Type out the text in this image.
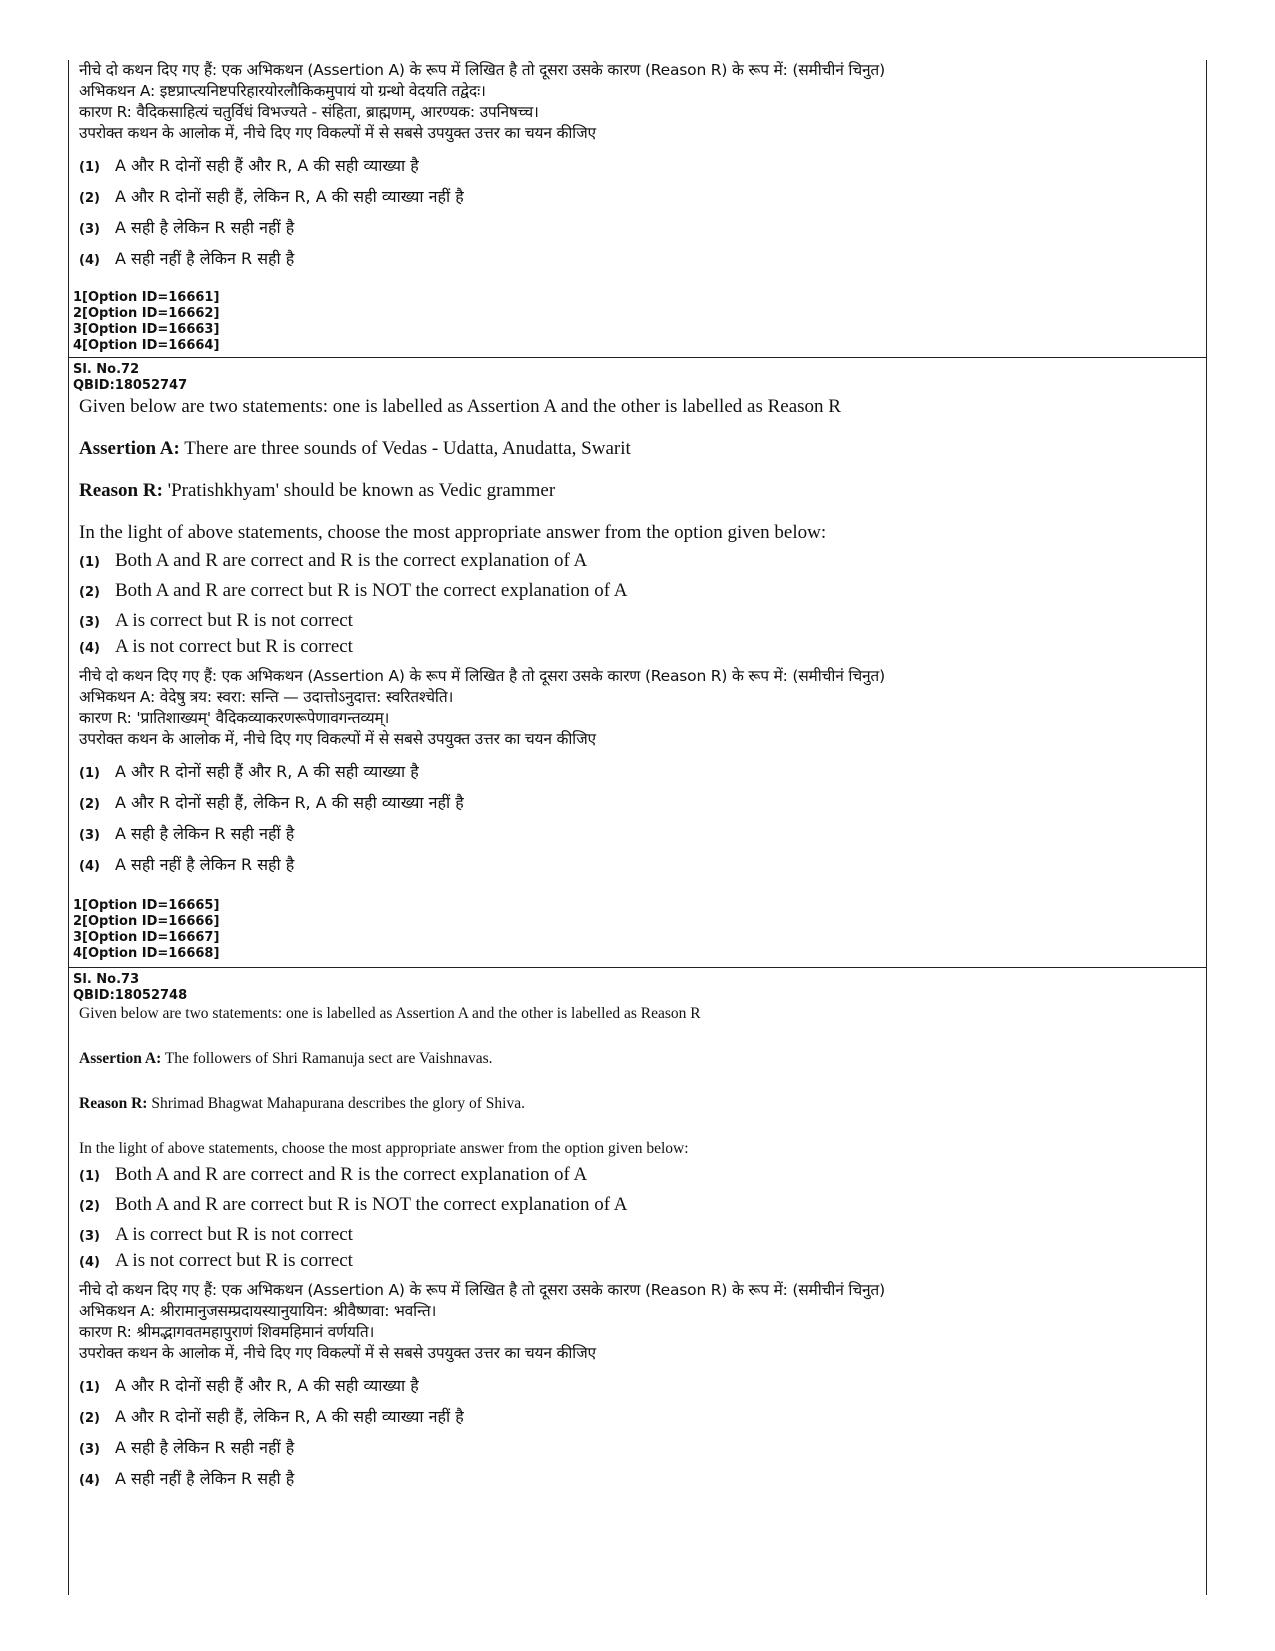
नीचे दो कथन दिए गए हैं: एक अभिकथन (Assertion A) के रूप में लिखित है तो दूसरा उसके कारण (Reason R) के रूप में: (समीचीनं चिनुत)
अभिकथन A: इष्टप्राप्त्यनिष्टपरिहारयोरलौकिकमुपायं यो ग्रन्थो वेदयति तद्वेदः।
कारण R: वैदिकसाहित्यं चतुर्विधं विभज्यते - संहिता, ब्राह्मणम्, आरण्यक: उपनिषच्च।
उपरोक्त कथन के आलोक में, नीचे दिए गए विकल्पों में से सबसे उपयुक्त उत्तर का चयन कीजिए
(1) A और R दोनों सही हैं और R, A की सही व्याख्या है
(2) A और R दोनों सही हैं, लेकिन R, A की सही व्याख्या नहीं है
(3) A सही है लेकिन R सही नहीं है
(4) A सही नहीं है लेकिन R सही है
1[Option ID=16661]
2[Option ID=16662]
3[Option ID=16663]
4[Option ID=16664]
Sl. No.72
QBID:18052747
Given below are two statements: one is labelled as Assertion A and the other is labelled as Reason R
Assertion A: There are three sounds of Vedas - Udatta, Anudatta, Swarit
Reason R: 'Pratishkhyam' should be known as Vedic grammer
In the light of above statements, choose the most appropriate answer from the option given below:
(1) Both A and R are correct and R is the correct explanation of A
(2) Both A and R are correct but R is NOT the correct explanation of A
(3) A is correct but R is not correct
(4) A is not correct but R is correct
नीचे दो कथन दिए गए हैं: एक अभिकथन (Assertion A) के रूप में लिखित है तो दूसरा उसके कारण (Reason R) के रूप में: (समीचीनं चिनुत)
अभिकथन A: वेदेषु त्रय: स्वरा: सन्ति — उदात्तोऽनुदात्त: स्वरितश्चेति।
कारण R: 'प्रातिशाख्यम्' वैदिकव्याकरणरूपेणावगन्तव्यम्।
उपरोक्त कथन के आलोक में, नीचे दिए गए विकल्पों में से सबसे उपयुक्त उत्तर का चयन कीजिए
(1) A और R दोनों सही हैं और R, A की सही व्याख्या है
(2) A और R दोनों सही हैं, लेकिन R, A की सही व्याख्या नहीं है
(3) A सही है लेकिन R सही नहीं है
(4) A सही नहीं है लेकिन R सही है
1[Option ID=16665]
2[Option ID=16666]
3[Option ID=16667]
4[Option ID=16668]
Sl. No.73
QBID:18052748
Given below are two statements: one is labelled as Assertion A and the other is labelled as Reason R
Assertion A: The followers of Shri Ramanuja sect are Vaishnavas.
Reason R: Shrimad Bhagwat Mahapurana describes the glory of Shiva.
In the light of above statements, choose the most appropriate answer from the option given below:
(1) Both A and R are correct and R is the correct explanation of A
(2) Both A and R are correct but R is NOT the correct explanation of A
(3) A is correct but R is not correct
(4) A is not correct but R is correct
नीचे दो कथन दिए गए हैं: एक अभिकथन (Assertion A) के रूप में लिखित है तो दूसरा उसके कारण (Reason R) के रूप में: (समीचीनं चिनुत)
अभिकथन A: श्रीरामानुजसम्प्रदायस्यानुयायिन: श्रीवैष्णवा: भवन्ति।
कारण R: श्रीमद्भागवतमहापुराणं शिवमहिमानं वर्णयति।
उपरोक्त कथन के आलोक में, नीचे दिए गए विकल्पों में से सबसे उपयुक्त उत्तर का चयन कीजिए
(1) A और R दोनों सही हैं और R, A की सही व्याख्या है
(2) A और R दोनों सही हैं, लेकिन R, A की सही व्याख्या नहीं है
(3) A सही है लेकिन R सही नहीं है
(4) A सही नहीं है लेकिन R सही है
